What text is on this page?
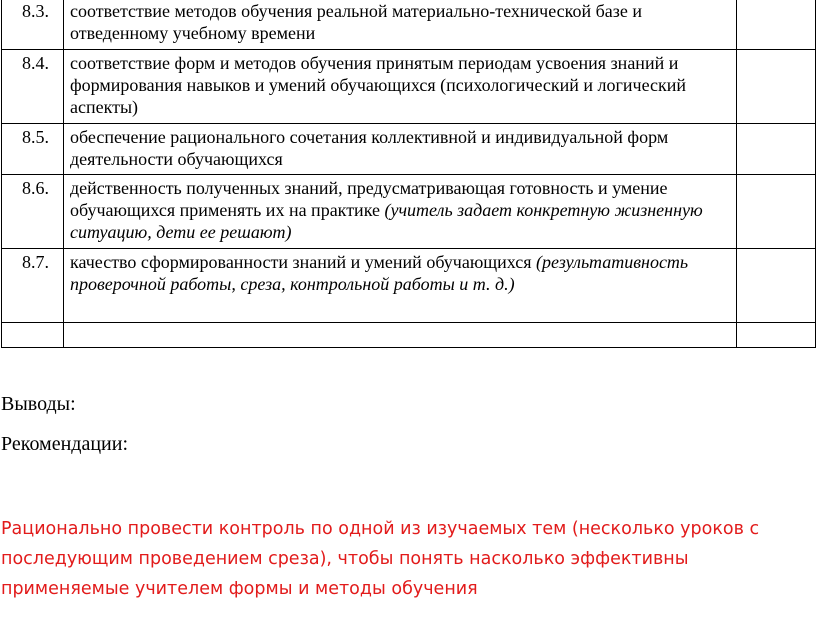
8.3.	соответствие методов обучения реальной материально-технической базе и отведенному учебному времени	
8.4.	соответствие форм и методов обучения принятым периодам усвоения знаний и формирования навыков и умений обучающихся (психологический и логический аспекты)	
8.5.	обеспечение рационального сочетания коллективной и индивидуальной форм деятельности обучающихся	
8.6.	действенность полученных знаний, предусматривающая готовность и умение обучающихся применять их на практике (учитель задает конкретную жизненную ситуацию, дети ее решают)	
8.7.	качество сформированности знаний и умений обучающихся (результативность проверочной работы, среза, контрольной работы и т. д.)	

Выводы:
Рекомендации:
Рационально провести контроль по одной из изучаемых тем (несколько уроков с последующим проведением среза), чтобы понять насколько эффективны применяемые учителем формы и методы обучения
